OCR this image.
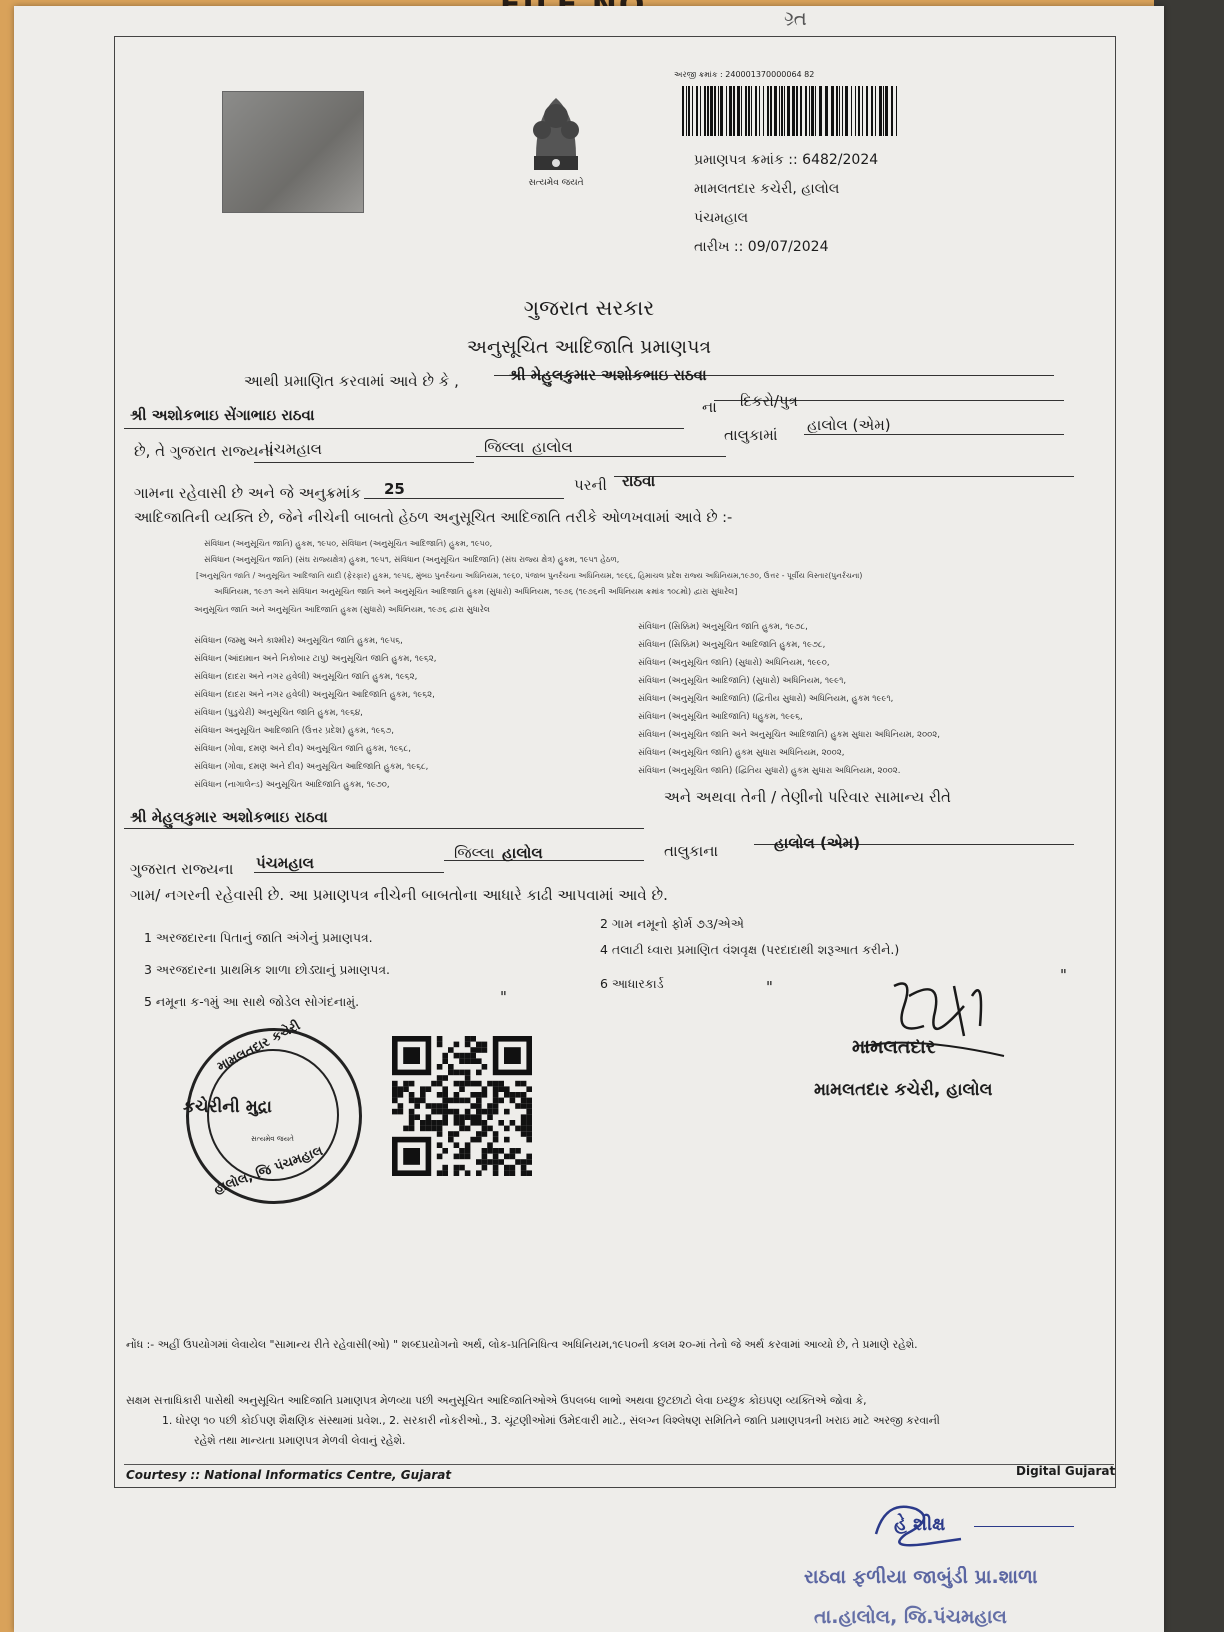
ગ્ર્ત
સત્યમેવ જયતે
અરજી ક્રમાંક : 240001370000064 82
પ્રમાણપત્ર ક્રમાંક :: 6482/2024
મામલતદાર કચેરી, હાલોલ
પંચમહાલ
તારીખ :: 09/07/2024
ગુજરાત સરકાર
અનુસૂચિત આદિજાતિ પ્રમાણપત્ર
આથી પ્રમાણિત કરવામાં આવે છે કે ,	શ્રી મેહુલકુમાર અશોકભાઇ રાઠવા
શ્રી અશોકભાઇ સેંગાભાઇ રાઠવા	ના દિકરો/પુત્ર
છે, તે ગુજરાત રાજ્યના
પંચમહાલ	જિલ્લા હાલોલ
તાલુકામાં
હાલોલ (એમ)
ગામના રહેવાસી છે અને જે અનુક્રમાંક 25	પરની રાઠવા
આદિજાતિની વ્યક્તિ છે, જેને નીચેની બાબતો હેઠળ અનુસૂચિત આદિજાતિ તરીકે ઓળખવામાં આવે છે :-
સંવિધાન (અનુસૂચિત જાતિ) હુકમ, ૧૯૫૦, સંવિધાન (અનુસૂચિત આદિજાતિ) હુકમ, ૧૯૫૦,
સંવિધાન (અનુસૂચિત જાતિ) (સંઘ રાજ્યક્ષેત્ર) હુકમ, ૧૯૫૧, સંવિધાન (અનુસૂચિત આદિજાતિ) (સંઘ રાજ્ય ક્ષેત્ર) હુકમ, ૧૯૫૧ હેઠળ,
[અનુસૂચિત જાતિ / અનુસૂચિત આદિજાતિ યાદી (ફેરફાર) હુકમ, ૧૯૫૬, મુંબઇ પુનર્રચના અધિનિયમ, ૧૯૬૦, પંજાબ પુનર્રચના અધિનિયમ, ૧૯૬૬, હિમાચલ પ્રદેશ રાજ્ય અધિનિયમ,૧૯૭૦, ઉત્તર - પૂર્વીય વિસ્તાર(પુનર્રચના)
અધિનિયમ, ૧૯૭૧ અને સંવિધાન અનુસૂચિત જાતિ અને અનુસૂચિત આદિજાતિ હુકમ (સુધારો) અધિનિયમ, ૧૯૭૬ (૧૯૭૬ની અધિનિયમ ક્રમાંક ૧૦૮મો) દ્વારા સુધારેલ]
અનુસૂચિત જાતિ અને અનુસૂચિત આદિજાતિ હુકમ (સુધારો) અધિનિયમ, ૧૯૭૬ દ્વારા સુધારેલ
સંવિધાન (જમ્મુ અને કાશ્મીર) અનુસૂચિત જાતિ હુકમ, ૧૯૫૬,
સંવિધાન (આંદામાન અને નિકોબાર ટાપુ) અનુસૂચિત જાતિ હુકમ, ૧૯૬૨,
સંવિધાન (દાદરા અને નગર હવેલી) અનુસૂચિત જાતિ હુકમ, ૧૯૬૨,
સંવિધાન (દાદરા અને નગર હવેલી) અનુસૂચિત આદિજાતિ હુકમ, ૧૯૬૨,
સંવિધાન (પુડુચેરી) અનુસૂચિત જાતિ હુકમ, ૧૯૬૪,
સંવિધાન અનુસૂચિત આદિજાતિ (ઉત્તર પ્રદેશ) હુકમ, ૧૯૬૭,
સંવિધાન (ગોવા, દમણ અને દીવ) અનુસૂચિત જાતિ હુકમ, ૧૯૬૮,
સંવિધાન (ગોવા, દમણ અને દીવ) અનુસૂચિત આદિજાતિ હુકમ, ૧૯૬૮,
સંવિધાન (નાગાલેન્ડ) અનુસૂચિત આદિજાતિ હુકમ, ૧૯૭૦,
સંવિધાન (સિક્કિમ) અનુસૂચિત જાતિ હુકમ, ૧૯૭૮,
સંવિધાન (સિક્કિમ) અનુસૂચિત આદિજાતિ હુકમ, ૧૯૭૮,
સંવિધાન (અનુસૂચિત જાતિ) (સુધારો) અધિનિયમ, ૧૯૯૦,
સંવિધાન (અનુસૂચિત આદિજાતિ) (સુધારો) અધિનિયમ, ૧૯૯૧,
સંવિધાન (અનુસૂચિત આદિજાતિ) (દ્વિતીય સુધારો) અધિનિયમ, હુકમ ૧૯૯૧,
સંવિધાન (અનુસૂચિત આદિજાતિ) ધહુકમ, ૧૯૯૬,
સંવિધાન (અનુસૂચિત જાતિ અને અનુસૂચિત આદિજાતિ) હુકમ સુધારા અધિનિયમ, ૨૦૦૨,
સંવિધાન (અનુસૂચિત જાતિ) હુકમ સુધારા અધિનિયમ, ૨૦૦૨,
સંવિધાન (અનુસૂચિત જાતિ) (દ્વિતિય સુધારો) હુકમ સુધારા અધિનિયમ, ૨૦૦૨.
અને અથવા તેની / તેણીનો પરિવાર સામાન્ય રીતે
શ્રી મેહુલકુમાર અશોકભાઇ રાઠવા
ગુજરાત રાજ્યના પંચમહાલ
જિલ્લા હાલોલ	તાલુકાના	હાલોલ (એમ)
ગામ/ નગરની રહેવાસી છે. આ પ્રમાણપત્ર નીચેની બાબતોના આધારે કાઢી આપવામાં આવે છે.
1 અરજદારના પિતાનું જાતિ અંગેનું પ્રમાણપત્ર.
2 ગામ નમૂનો ફોર્મ ૭૩/એએ
3 અરજદારના પ્રાથમિક શાળા છોડ્યાનું પ્રમાણપત્ર.
4 તલાટી ધ્વારા પ્રમાણિત વંશવૃક્ષ (પરદાદાથી શરૂઆત કરીને.)
5 નમૂના ક-૧મું આ સાથે જોડેલ સોગંદનામું.	"
6 આધારકાર્ડ	"
"
મામલતદાર કચેરી
કચેરીની મુદ્રા
સત્યમેવ જયતે
હાલોલ, જિ પંચમહાલ
મામલતદાર
મામલતદાર કચેરી, હાલોલ
નોંધ :- અહીં ઉપયોગમાં લેવાયેલ "સામાન્ય રીતે રહેવાસી(ઓ) " શબ્દપ્રયોગનો અર્થ, લોક-પ્રતિનિધિત્વ અધિનિયમ,૧૯૫૦ની કલમ ૨૦-માં તેનો જે અર્થ કરવામાં આવ્યો છે, તે પ્રમાણે રહેશે.
સક્ષમ સત્તાધિકારી પાસેથી અનુસૂચિત આદિજાતિ પ્રમાણપત્ર મેળવ્યા પછી અનુસૂચિત આદિજાતિઓએ ઉપલબ્ધ લાભો અથવા છુટછાટો લેવા ઇચ્છુક કોઇપણ વ્યક્તિએ જોવા કે,
1. ધોરણ ૧૦ પછી કોઈપણ શૈક્ષણિક સંસ્થામાં પ્રવેશ., 2. સરકારી નોકરીઓ., 3. ચૂંટણીઓમાં ઉમેદવારી માટે., સંલગ્ન વિશ્લેષણ સમિતિને જાતિ પ્રમાણપત્રની ખરાઇ માટે અરજી કરવાની
રહેશે તથા માન્યતા પ્રમાણપત્ર મેળવી લેવાનું રહેશે.
Courtesy :: National Informatics Centre, Gujarat	Digital Gujarat
હે શીક્ષ
રાઠવા ફળીયા જાબુંડી પ્રા.શાળા
તા.હાલોલ, જિ.પંચમહાલ
